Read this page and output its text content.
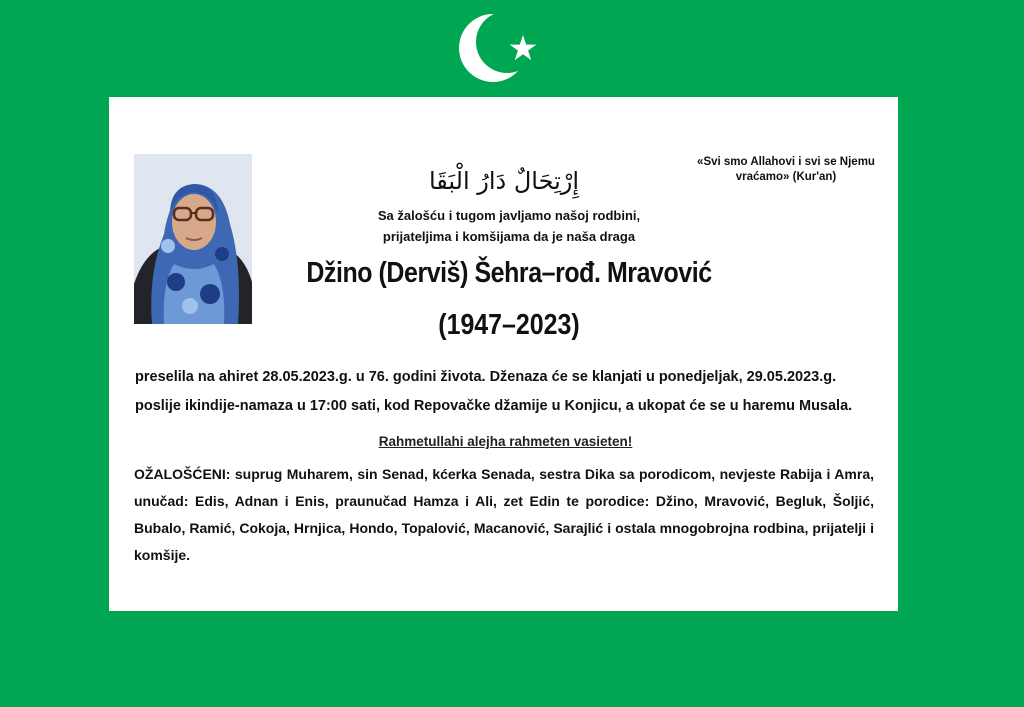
إِرْتِحَالٌ دَارُ الْبَقَا
«Svi smo Allahovi i svi se Njemu vraćamo» (Kur'an)
Sa žalošću i tugom javljamo našoj rodbini,
prijateljima i komšijama da je naša draga
Džino (Derviš) Šehra–rođ. Mravović
(1947–2023)
preselila na ahiret 28.05.2023.g. u 76. godini života. Dženaza će se klanjati u ponedjeljak, 29.05.2023.g.
poslije ikindije-namaza u 17:00 sati, kod Repovačke džamije u Konjicu, a ukopat će se u haremu Musala.
Rahmetullahi alejha rahmeten vasieten!
OŽALOŠĆENI: suprug Muharem, sin Senad, kćerka Senada, sestra Dika sa porodicom, nevjeste Rabija i Amra, unučad: Edis, Adnan i Enis, praunučad Hamza i Ali, zet Edin te porodice: Džino, Mravović, Begluk, Šoljić, Bubalo, Ramić, Cokoja, Hrnjica, Hondo, Topalović, Macanović, Sarajlić i ostala mnogobrojna rodbina, prijatelji i komšije.
